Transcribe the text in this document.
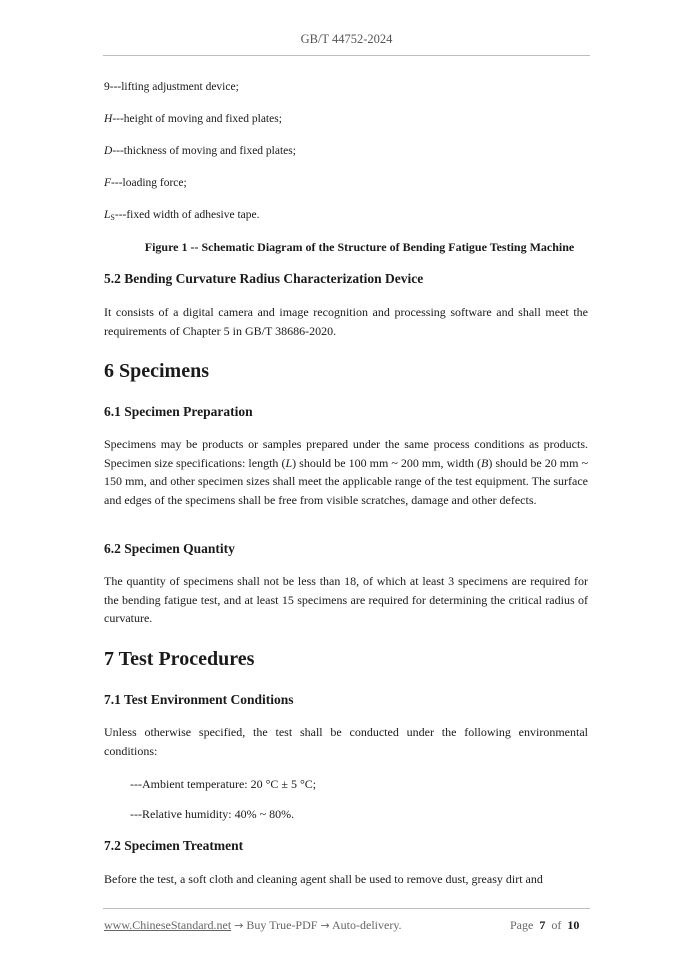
GB/T 44752-2024
9---lifting adjustment device;
H---height of moving and fixed plates;
D---thickness of moving and fixed plates;
F---loading force;
$L_S--$-fixed width of adhesive tape.
Figure 1 -- Schematic Diagram of the Structure of Bending Fatigue Testing Machine
5.2 Bending Curvature Radius Characterization Device
It consists of a digital camera and image recognition and processing software and shall meet the requirements of Chapter 5 in GB/T 38686-2020.
6 Specimens
6.1 Specimen Preparation
Specimens may be products or samples prepared under the same process conditions as products. Specimen size specifications: length (L) should be 100 mm ~ 200 mm, width (B) should be 20 mm ~ 150 mm, and other specimen sizes shall meet the applicable range of the test equipment. The surface and edges of the specimens shall be free from visible scratches, damage and other defects.
6.2 Specimen Quantity
The quantity of specimens shall not be less than 18, of which at least 3 specimens are required for the bending fatigue test, and at least 15 specimens are required for determining the critical radius of curvature.
7 Test Procedures
7.1 Test Environment Conditions
Unless otherwise specified, the test shall be conducted under the following environmental conditions:
---Ambient temperature: 20 °C ± 5 °C;
---Relative humidity: 40% ~ 80%.
7.2 Specimen Treatment
Before the test, a soft cloth and cleaning agent shall be used to remove dust, greasy dirt and
www.ChineseStandard.net → Buy True-PDF → Auto-delivery.	Page 7 of 10
